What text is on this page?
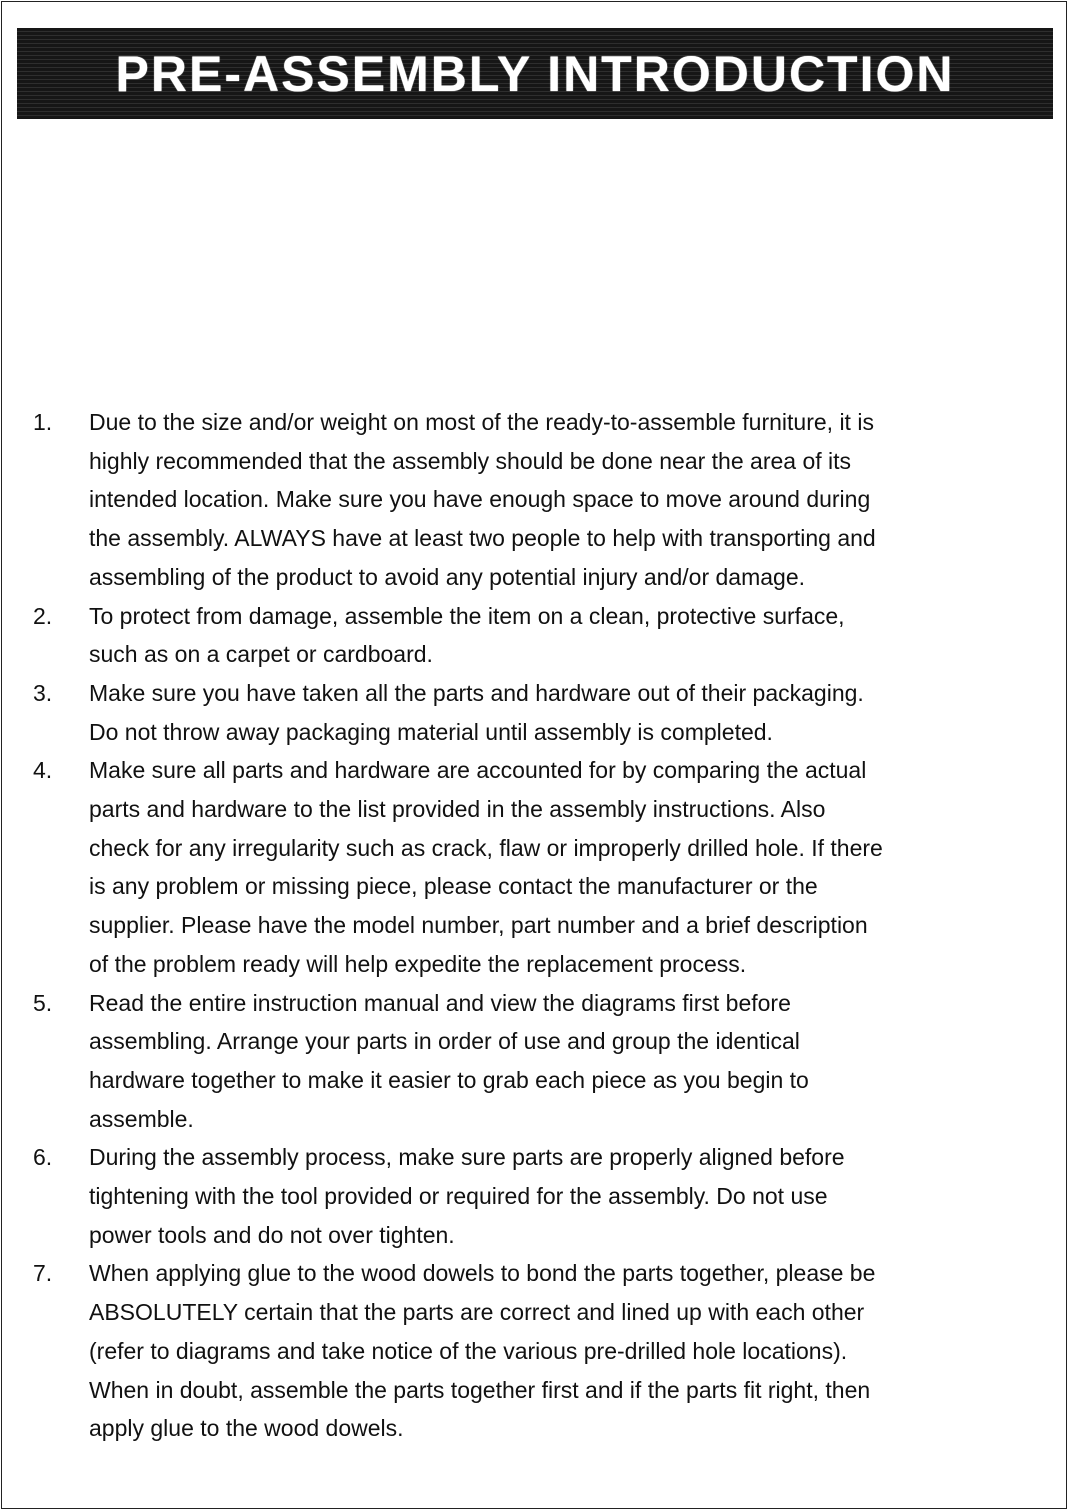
PRE-ASSEMBLY INTRODUCTION
1.	Due to the size and/or weight on most of the ready-to-assemble furniture, it is
highly recommended that the assembly should be done near the area of its
intended location. Make sure you have enough space to move around during
the assembly. ALWAYS have at least two people to help with transporting and
assembling of the product to avoid any potential injury and/or damage.
2.	To protect from damage, assemble the item on a clean, protective surface,
such as on a carpet or cardboard.
3.	Make sure you have taken all the parts and hardware out of their packaging.
Do not throw away packaging material until assembly is completed.
4.	Make sure all parts and hardware are accounted for by comparing the actual
parts and hardware to the list provided in the assembly instructions. Also
check for any irregularity such as crack, flaw or improperly drilled hole. If there
is any problem or missing piece, please contact the manufacturer or the
supplier. Please have the model number, part number and a brief description
of the problem ready will help expedite the replacement process.
5.	Read the entire instruction manual and view the diagrams first before
assembling. Arrange your parts in order of use and group the identical
hardware together to make it easier to grab each piece as you begin to
assemble.
6.	During the assembly process, make sure parts are properly aligned before
tightening with the tool provided or required for the assembly. Do not use
power tools and do not over tighten.
7.	When applying glue to the wood dowels to bond the parts together, please be
ABSOLUTELY certain that the parts are correct and lined up with each other
(refer to diagrams and take notice of the various pre-drilled hole locations).
When in doubt, assemble the parts together first and if the parts fit right, then
apply glue to the wood dowels.
